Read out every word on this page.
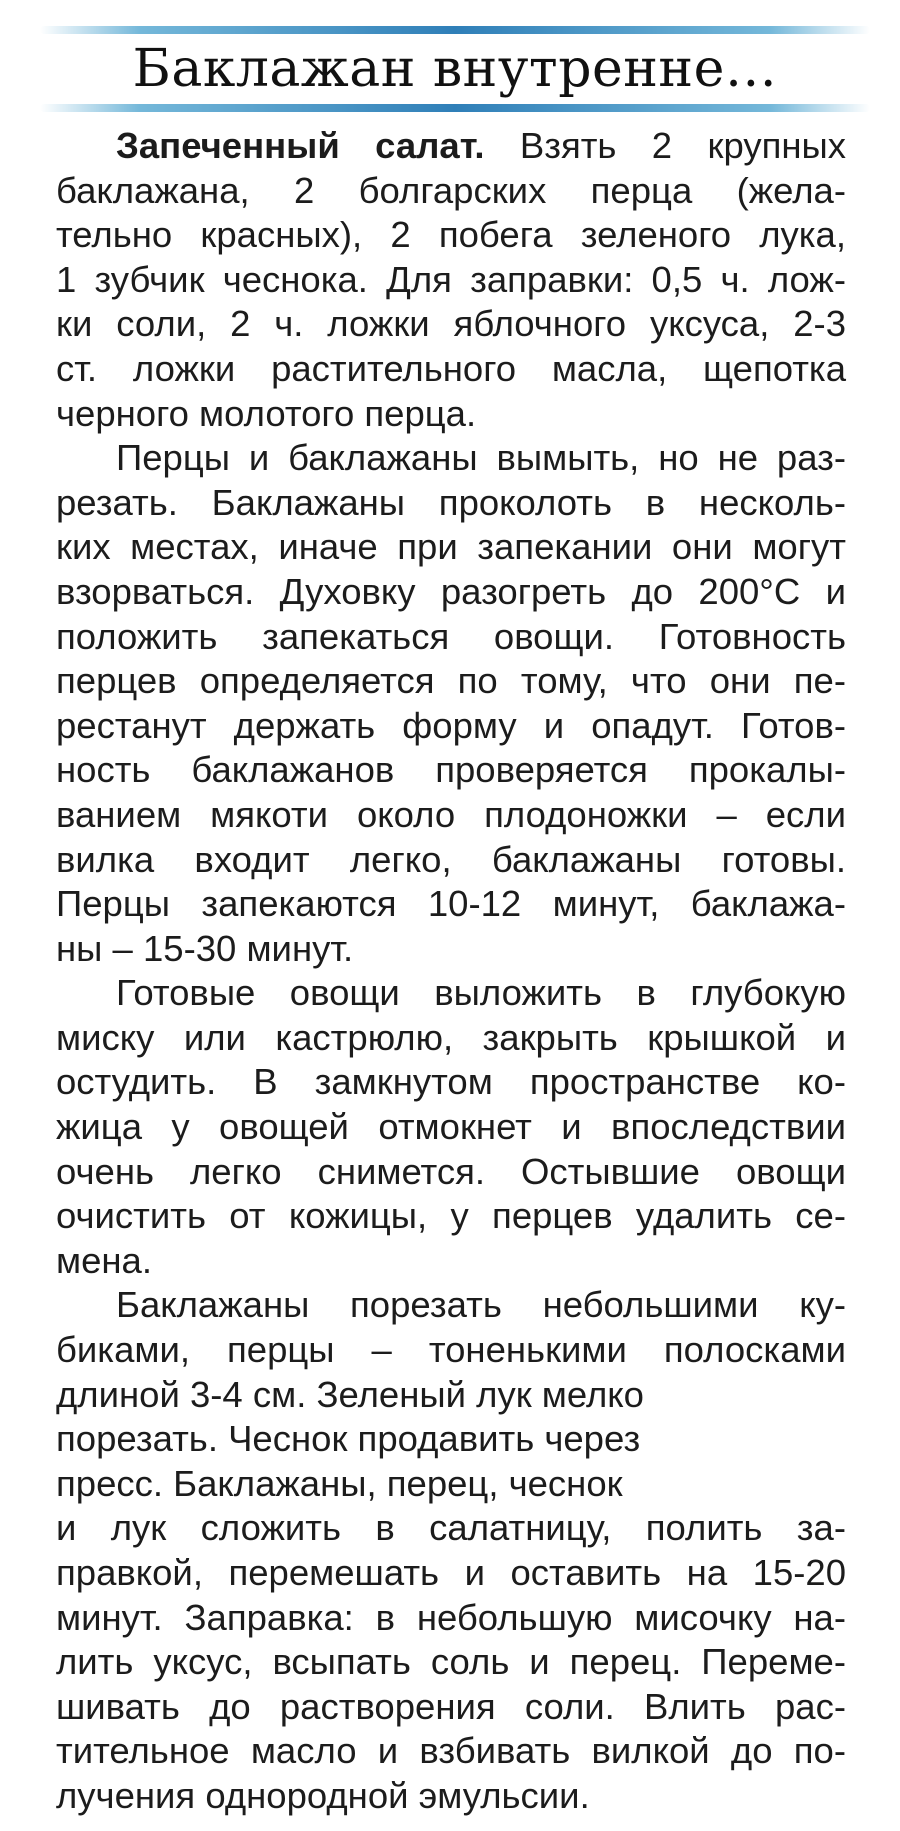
Баклажан внутренне…
Запеченный салат. Взять 2 крупных
баклажана, 2 болгарских перца (жела-
тельно красных), 2 побега зеленого лука,
1 зубчик чеснока. Для заправки: 0,5 ч. лож-
ки соли, 2 ч. ложки яблочного уксуса, 2-3
ст. ложки растительного масла, щепотка
черного молотого перца.
Перцы и баклажаны вымыть, но не раз-
резать. Баклажаны проколоть в несколь-
ких местах, иначе при запекании они могут
взорваться. Духовку разогреть до 200°С и
положить запекаться овощи. Готовность
перцев определяется по тому, что они пе-
рестанут держать форму и опадут. Готов-
ность баклажанов проверяется прокалы-
ванием мякоти около плодоножки – если
вилка входит легко, баклажаны готовы.
Перцы запекаются 10-12 минут, баклажа-
ны – 15-30 минут.
Готовые овощи выложить в глубокую
миску или кастрюлю, закрыть крышкой и
остудить. В замкнутом пространстве ко-
жица у овощей отмокнет и впоследствии
очень легко снимется. Остывшие овощи
очистить от кожицы, у перцев удалить се-
мена.
Баклажаны порезать небольшими ку-
биками, перцы – тоненькими полосками
длиной 3-4 см. Зеленый лук мелко
порезать. Чеснок продавить через
пресс. Баклажаны, перец, чеснок
и лук сложить в салатницу, полить за-
правкой, перемешать и оставить на 15-20
минут. Заправка: в небольшую мисочку на-
лить уксус, всыпать соль и перец. Переме-
шивать до растворения соли. Влить рас-
тительное масло и взбивать вилкой до по-
лучения однородной эмульсии.
